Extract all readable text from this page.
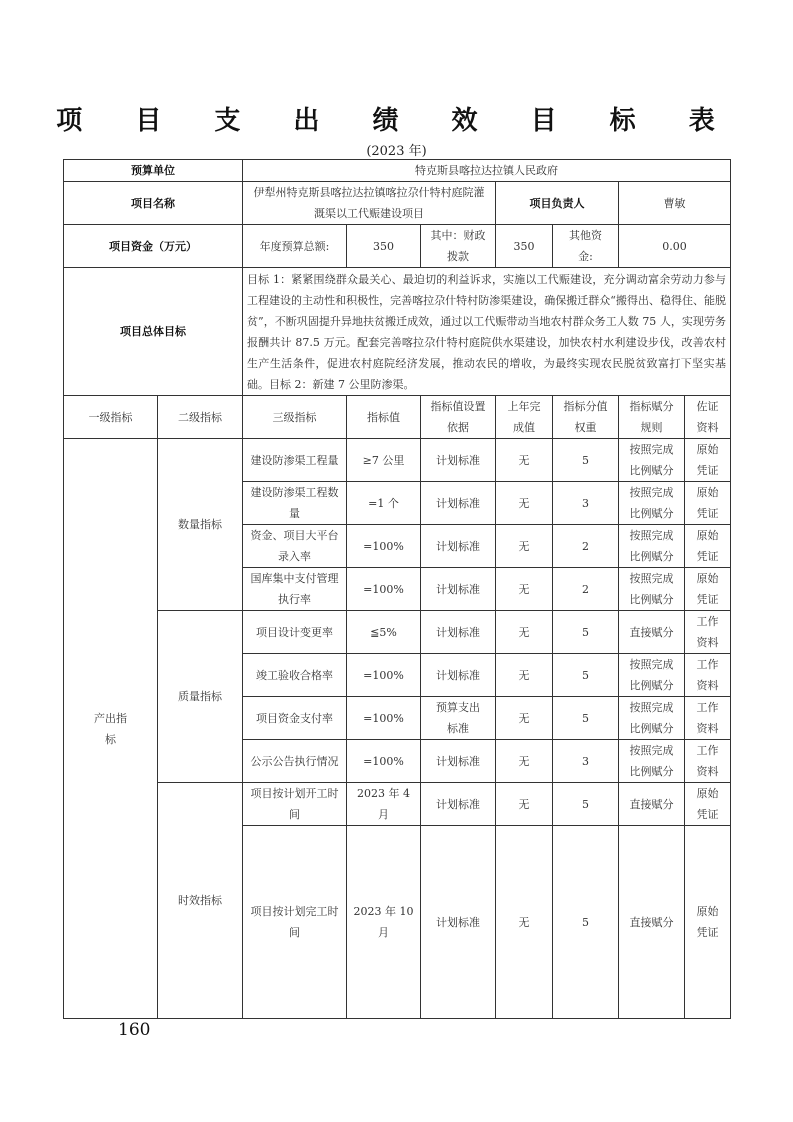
项 目 支 出 绩 效 目 标 表
(2023 年)
预算单位		特克斯县喀拉达拉镇人民政府						
项目名称		伊犁州特克斯县喀拉达拉镇喀拉尕什特村庭院灌溉渠以工代赈建设项目			项目负责人		曹敏	
项目资金（万元）		年度预算总额:	350	其中：财政拨款	350	其他资金:	0.00	
项目总体目标		目标 1：紧紧围绕群众最关心、最迫切的利益诉求，实施以工代赈建设，充分调动富余劳动力参与工程建设的主动性和积极性，完善喀拉尕什特村防渗渠建设，确保搬迁群众“搬得出、稳得住、能脱贫”，不断巩固提升异地扶贫搬迁成效，通过以工代赈带动当地农村群众务工人数 75 人，实现劳务报酬共计 87.5 万元。配套完善喀拉尕什特村庭院供水渠建设，加快农村水利建设步伐，改善农村生产生活条件，促进农村庭院经济发展，推动农民的增收，为最终实现农民脱贫致富打下坚实基础。目标 2：新建 7 公里防渗渠。						
一级指标	二级指标	三级指标	指标值	指标值设置依据	上年完成值	指标分值权重	指标赋分规则	佐证资料
产出指标	数量指标	建设防渗渠工程量	≥7 公里	计划标准	无	5	按照完成比例赋分	原始凭证
		建设防渗渠工程数量	=1 个	计划标准	无	3	按照完成比例赋分	原始凭证
		资金、项目大平台录入率	=100%	计划标准	无	2	按照完成比例赋分	原始凭证
		国库集中支付管理执行率	=100%	计划标准	无	2	按照完成比例赋分	原始凭证
	质量指标	项目设计变更率	≦5%	计划标准	无	5	直接赋分	工作资料
		竣工验收合格率	=100%	计划标准	无	5	按照完成比例赋分	工作资料
		项目资金支付率	=100%	预算支出标准	无	5	按照完成比例赋分	工作资料
		公示公告执行情况	=100%	计划标准	无	3	按照完成比例赋分	工作资料
	时效指标	项目按计划开工时间	2023 年 4 月	计划标准	无	5	直接赋分	原始凭证
		项目按计划完工时间	2023 年 10 月	计划标准	无	5	直接赋分	原始凭证
160
